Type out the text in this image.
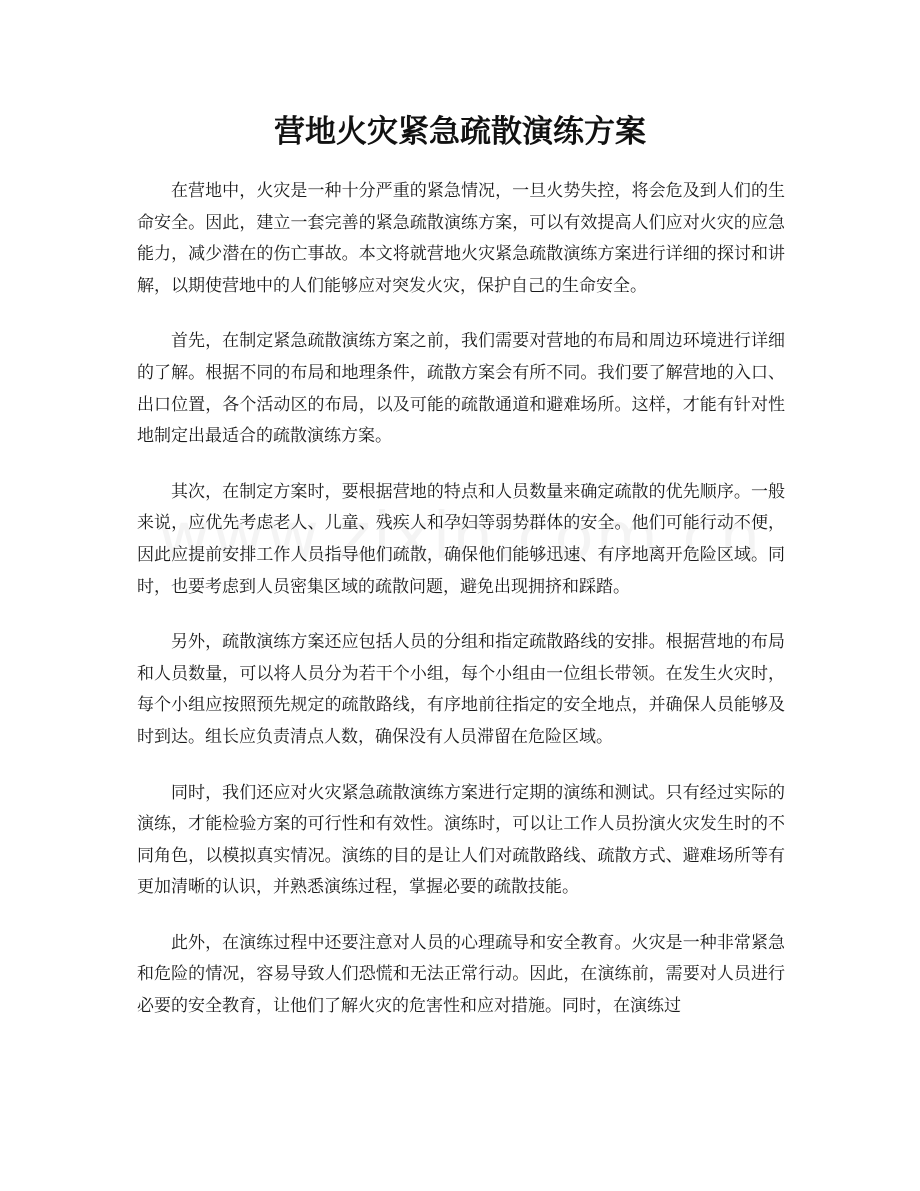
营地火灾紧急疏散演练方案

在营地中，火灾是一种十分严重的紧急情况，一旦火势失控，将会危及到人们的生命安全。因此，建立一套完善的紧急疏散演练方案，可以有效提高人们应对火灾的应急能力，减少潜在的伤亡事故。本文将就营地火灾紧急疏散演练方案进行详细的探讨和讲解，以期使营地中的人们能够应对突发火灾，保护自己的生命安全。

首先，在制定紧急疏散演练方案之前，我们需要对营地的布局和周边环境进行详细的了解。根据不同的布局和地理条件，疏散方案会有所不同。我们要了解营地的入口、出口位置，各个活动区的布局，以及可能的疏散通道和避难场所。这样，才能有针对性地制定出最适合的疏散演练方案。

其次，在制定方案时，要根据营地的特点和人员数量来确定疏散的优先顺序。一般来说，应优先考虑老人、儿童、残疾人和孕妇等弱势群体的安全。他们可能行动不便，因此应提前安排工作人员指导他们疏散，确保他们能够迅速、有序地离开危险区域。同时，也要考虑到人员密集区域的疏散问题，避免出现拥挤和踩踏。

另外，疏散演练方案还应包括人员的分组和指定疏散路线的安排。根据营地的布局和人员数量，可以将人员分为若干个小组，每个小组由一位组长带领。在发生火灾时，每个小组应按照预先规定的疏散路线，有序地前往指定的安全地点，并确保人员能够及时到达。组长应负责清点人数，确保没有人员滞留在危险区域。

同时，我们还应对火灾紧急疏散演练方案进行定期的演练和测试。只有经过实际的演练，才能检验方案的可行性和有效性。演练时，可以让工作人员扮演火灾发生时的不同角色，以模拟真实情况。演练的目的是让人们对疏散路线、疏散方式、避难场所等有更加清晰的认识，并熟悉演练过程，掌握必要的疏散技能。

此外，在演练过程中还要注意对人员的心理疏导和安全教育。火灾是一种非常紧急和危险的情况，容易导致人们恐慌和无法正常行动。因此，在演练前，需要对人员进行必要的安全教育，让他们了解火灾的危害性和应对措施。同时，在演练过
